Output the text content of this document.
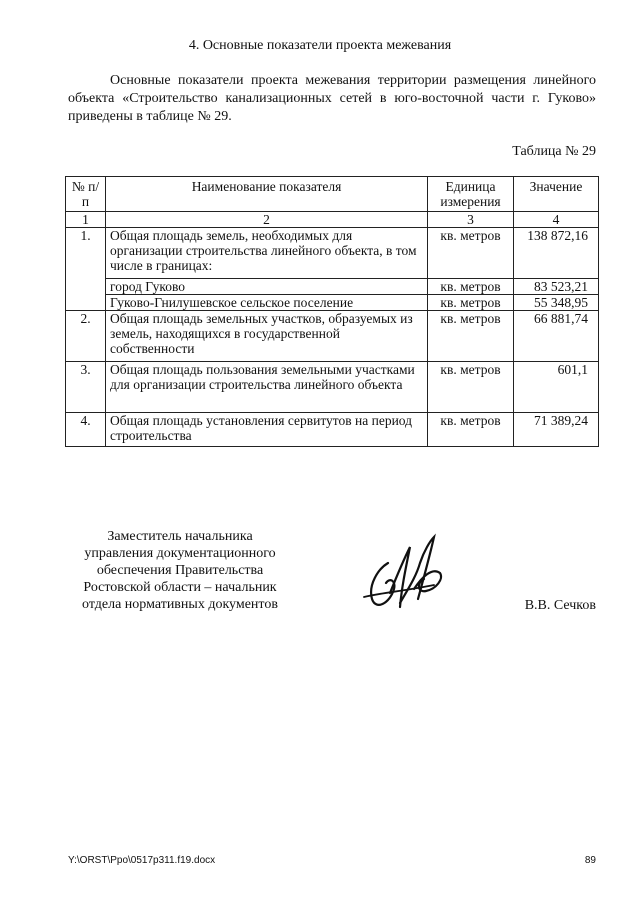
4. Основные показатели проекта межевания
Основные показатели проекта межевания территории размещения линейного объекта «Строительство канализационных сетей в юго-восточной части г. Гуково» приведены в таблице № 29.
Таблица № 29
№ п/п	Наименование показателя	Единица измерения	Значение
1	2	3	4
1.	Общая площадь земель, необходимых для организации строительства линейного объекта, в том числе в границах:	кв. метров	138 872,16
	город Гуково	кв. метров	83 523,21
	Гуково-Гнилушевское сельское поселение	кв. метров	55 348,95
2.	Общая площадь земельных участков, образуемых из земель, находящихся в государственной собственности	кв. метров	66 881,74
3.	Общая площадь пользования земельными участками для организации строительства линейного объекта	кв. метров	601,1
4.	Общая площадь установления сервитутов на период строительства	кв. метров	71 389,24
Заместитель начальника
управления документационного
обеспечения Правительства
Ростовской области – начальник
отдела нормативных документов	В.В. Сечков
Y:\ORST\Ppo\0517p311.f19.docx	89
